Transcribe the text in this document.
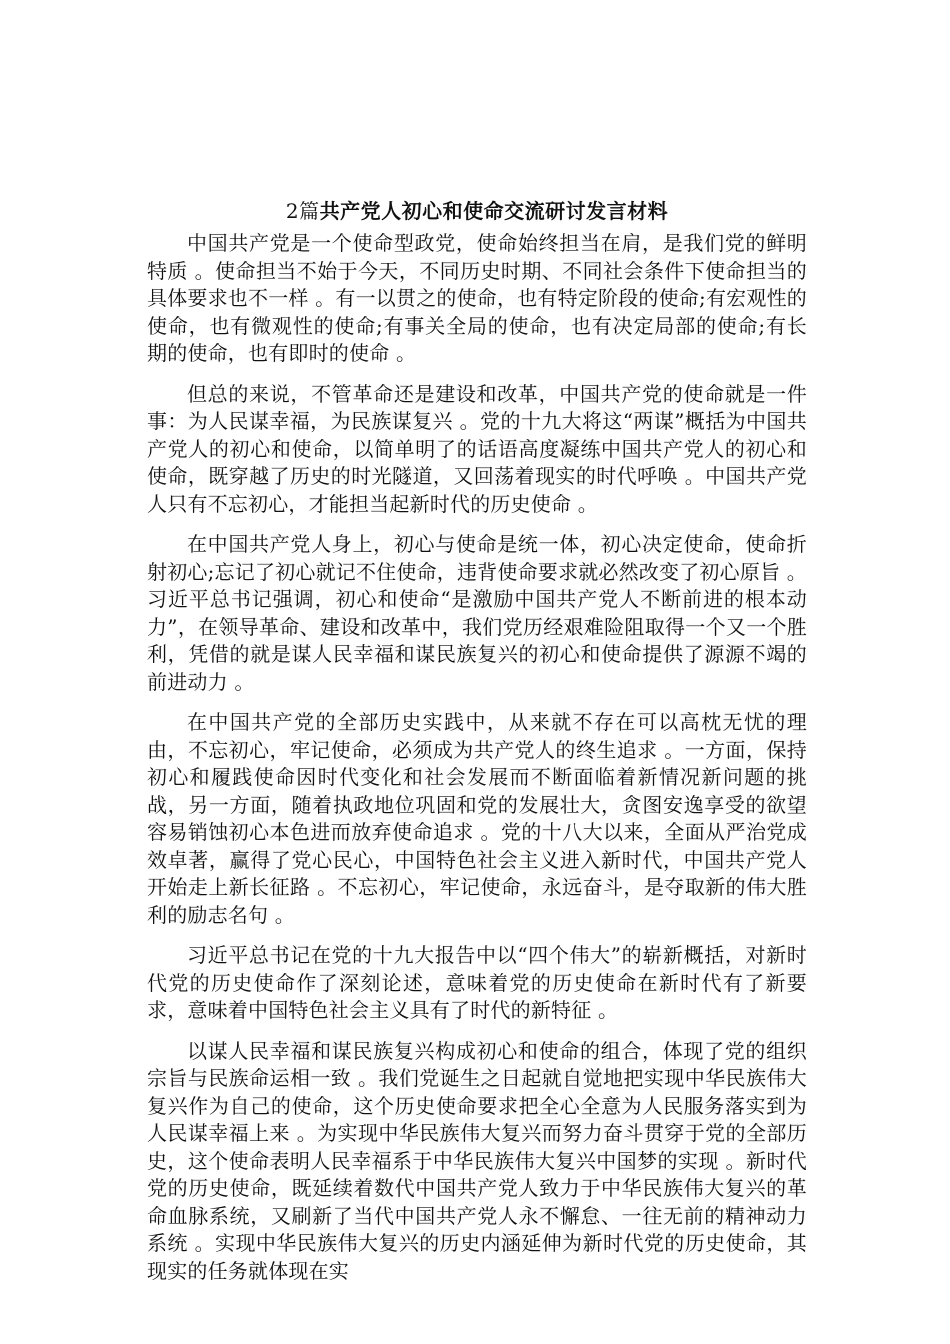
2篇共产党人初心和使命交流研讨发言材料

中国共产党是一个使命型政党，使命始终担当在肩，是我们党的鲜明特质 。使命担当不始于今天，不同历史时期、不同社会条件下使命担当的具体要求也不一样 。有一以贯之的使命，也有特定阶段的使命;有宏观性的使命，也有微观性的使命;有事关全局的使命，也有决定局部的使命;有长期的使命，也有即时的使命 。

但总的来说，不管革命还是建设和改革，中国共产党的使命就是一件事：为人民谋幸福，为民族谋复兴 。党的十九大将这“两谋”概括为中国共产党人的初心和使命，以简单明了的话语高度凝练中国共产党人的初心和使命，既穿越了历史的时光隧道，又回荡着现实的时代呼唤 。中国共产党人只有不忘初心，才能担当起新时代的历史使命 。

在中国共产党人身上，初心与使命是统一体，初心决定使命，使命折射初心;忘记了初心就记不住使命，违背使命要求就必然改变了初心原旨 。习近平总书记强调，初心和使命“是激励中国共产党人不断前进的根本动力”，在领导革命、建设和改革中，我们党历经艰难险阻取得一个又一个胜利，凭借的就是谋人民幸福和谋民族复兴的初心和使命提供了源源不竭的前进动力 。

在中国共产党的全部历史实践中，从来就不存在可以高枕无忧的理由，不忘初心，牢记使命，必须成为共产党人的终生追求 。一方面，保持初心和履践使命因时代变化和社会发展而不断面临着新情况新问题的挑战，另一方面，随着执政地位巩固和党的发展壮大，贪图安逸享受的欲望容易销蚀初心本色进而放弃使命追求 。党的十八大以来，全面从严治党成效卓著，赢得了党心民心，中国特色社会主义进入新时代，中国共产党人开始走上新长征路 。不忘初心，牢记使命，永远奋斗，是夺取新的伟大胜利的励志名句 。

习近平总书记在党的十九大报告中以“四个伟大”的崭新概括，对新时代党的历史使命作了深刻论述，意味着党的历史使命在新时代有了新要求，意味着中国特色社会主义具有了时代的新特征 。

以谋人民幸福和谋民族复兴构成初心和使命的组合，体现了党的组织宗旨与民族命运相一致 。我们党诞生之日起就自觉地把实现中华民族伟大复兴作为自己的使命，这个历史使命要求把全心全意为人民服务落实到为人民谋幸福上来 。为实现中华民族伟大复兴而努力奋斗贯穿于党的全部历史，这个使命表明人民幸福系于中华民族伟大复兴中国梦的实现 。新时代党的历史使命，既延续着数代中国共产党人致力于中华民族伟大复兴的革命血脉系统，又刷新了当代中国共产党人永不懈怠、一往无前的精神动力系统 。实现中华民族伟大复兴的历史内涵延伸为新时代党的历史使命，其现实的任务就体现在实
